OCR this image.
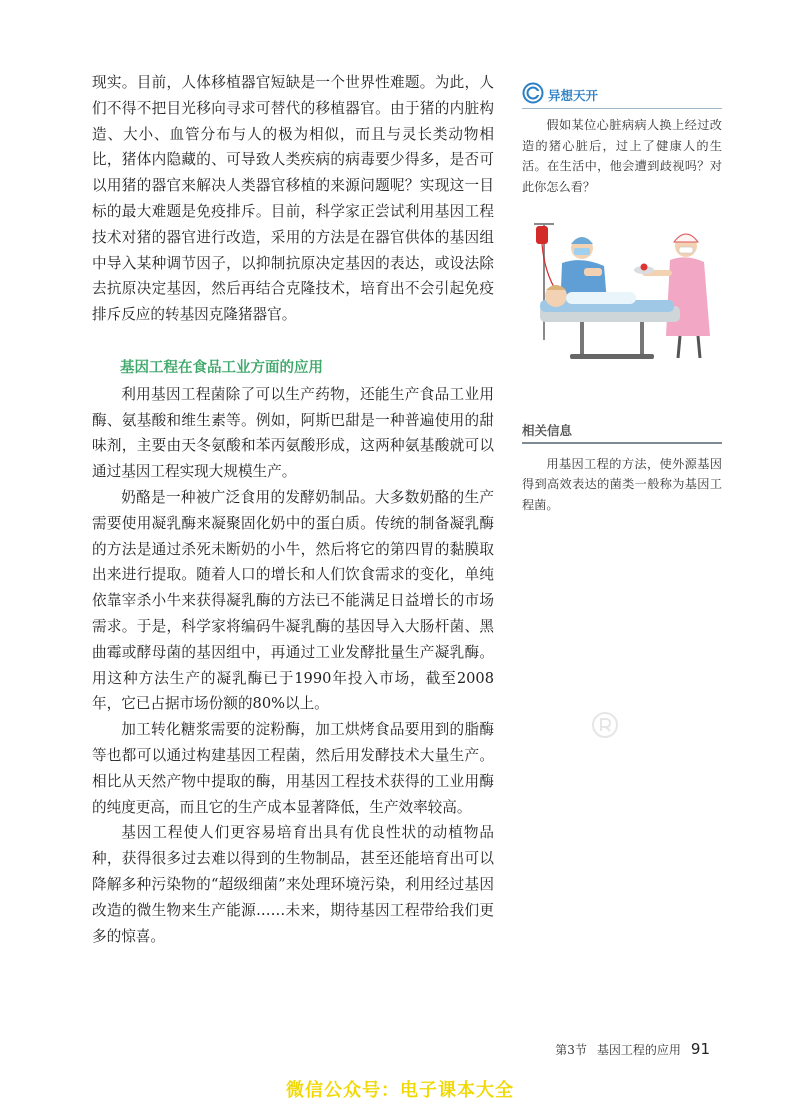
现实。目前，人体移植器官短缺是一个世界性难题。为此，人们不得不把目光移向寻求可替代的移植器官。由于猪的内脏构造、大小、血管分布与人的极为相似，而且与灵长类动物相比，猪体内隐藏的、可导致人类疾病的病毒要少得多，是否可以用猪的器官来解决人类器官移植的来源问题呢？实现这一目标的最大难题是免疫排斥。目前，科学家正尝试利用基因工程技术对猪的器官进行改造，采用的方法是在器官供体的基因组中导入某种调节因子，以抑制抗原决定基因的表达，或设法除去抗原决定基因，然后再结合克隆技术，培育出不会引起免疫排斥反应的转基因克隆猪器官。

基因工程在食品工业方面的应用

利用基因工程菌除了可以生产药物，还能生产食品工业用酶、氨基酸和维生素等。例如，阿斯巴甜是一种普遍使用的甜味剂，主要由天冬氨酸和苯丙氨酸形成，这两种氨基酸就可以通过基因工程实现大规模生产。

奶酪是一种被广泛食用的发酵奶制品。大多数奶酪的生产需要使用凝乳酶来凝聚固化奶中的蛋白质。传统的制备凝乳酶的方法是通过杀死未断奶的小牛，然后将它的第四胃的黏膜取出来进行提取。随着人口的增长和人们饮食需求的变化，单纯依靠宰杀小牛来获得凝乳酶的方法已不能满足日益增长的市场需求。于是，科学家将编码牛凝乳酶的基因导入大肠杆菌、黑曲霉或酵母菌的基因组中，再通过工业发酵批量生产凝乳酶。用这种方法生产的凝乳酶已于1990年投入市场，截至2008年，它已占据市场份额的80%以上。

加工转化糖浆需要的淀粉酶，加工烘烤食品要用到的脂酶等也都可以通过构建基因工程菌，然后用发酵技术大量生产。相比从天然产物中提取的酶，用基因工程技术获得的工业用酶的纯度更高，而且它的生产成本显著降低，生产效率较高。

基因工程使人们更容易培育出具有优良性状的动植物品种，获得很多过去难以得到的生物制品，甚至还能培育出可以降解多种污染物的“超级细菌”来处理环境污染，利用经过基因改造的微生物来生产能源……未来，期待基因工程带给我们更多的惊喜。

异想天开

假如某位心脏病病人换上经过改造的猪心脏后，过上了健康人的生活。在生活中，他会遭到歧视吗？对此你怎么看？

相关信息

用基因工程的方法，使外源基因得到高效表达的菌类一般称为基因工程菌。

第3节 基因工程的应用 91
微信公众号：电子课本大全
